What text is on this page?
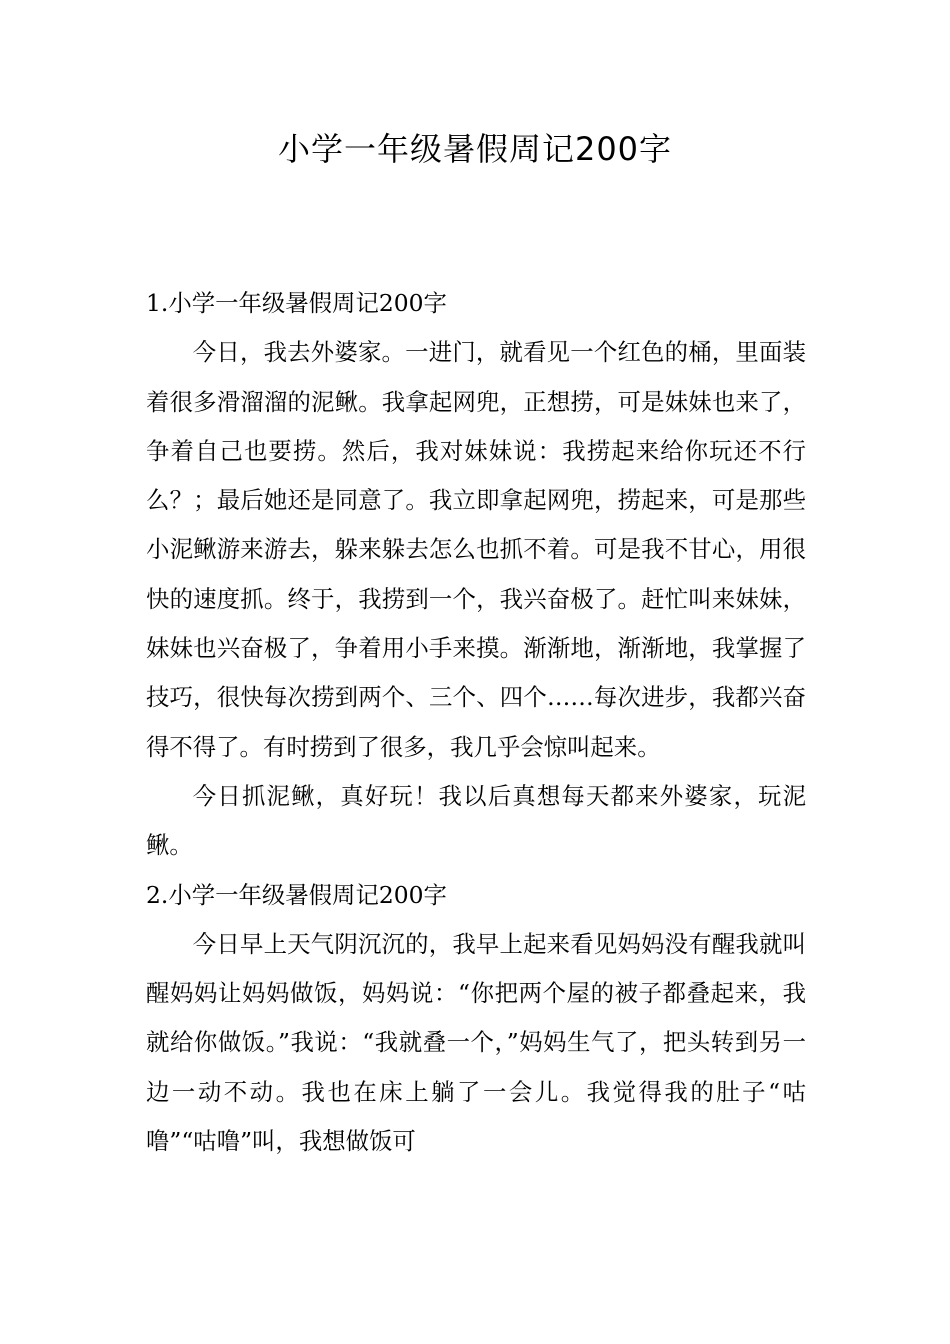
小学一年级暑假周记200字

1.小学一年级暑假周记200字

今日，我去外婆家。一进门，就看见一个红色的桶，里面装着很多滑溜溜的泥鳅。我拿起网兜，正想捞，可是妹妹也来了，争着自己也要捞。然后，我对妹妹说：我捞起来给你玩还不行么？；最后她还是同意了。我立即拿起网兜，捞起来，可是那些小泥鳅游来游去，躲来躲去怎么也抓不着。可是我不甘心，用很快的速度抓。终于，我捞到一个，我兴奋极了。赶忙叫来妹妹，妹妹也兴奋极了，争着用小手来摸。渐渐地，渐渐地，我掌握了技巧，很快每次捞到两个、三个、四个……每次进步，我都兴奋得不得了。有时捞到了很多，我几乎会惊叫起来。

今日抓泥鳅，真好玩！我以后真想每天都来外婆家，玩泥鳅。

2.小学一年级暑假周记200字

今日早上天气阴沉沉的，我早上起来看见妈妈没有醒我就叫醒妈妈让妈妈做饭，妈妈说：“你把两个屋的被子都叠起来，我就给你做饭。”我说：“我就叠一个，”妈妈生气了，把头转到另一边一动不动。我也在床上躺了一会儿。我觉得我的肚子“咕噜”“咕噜”叫，我想做饭可
